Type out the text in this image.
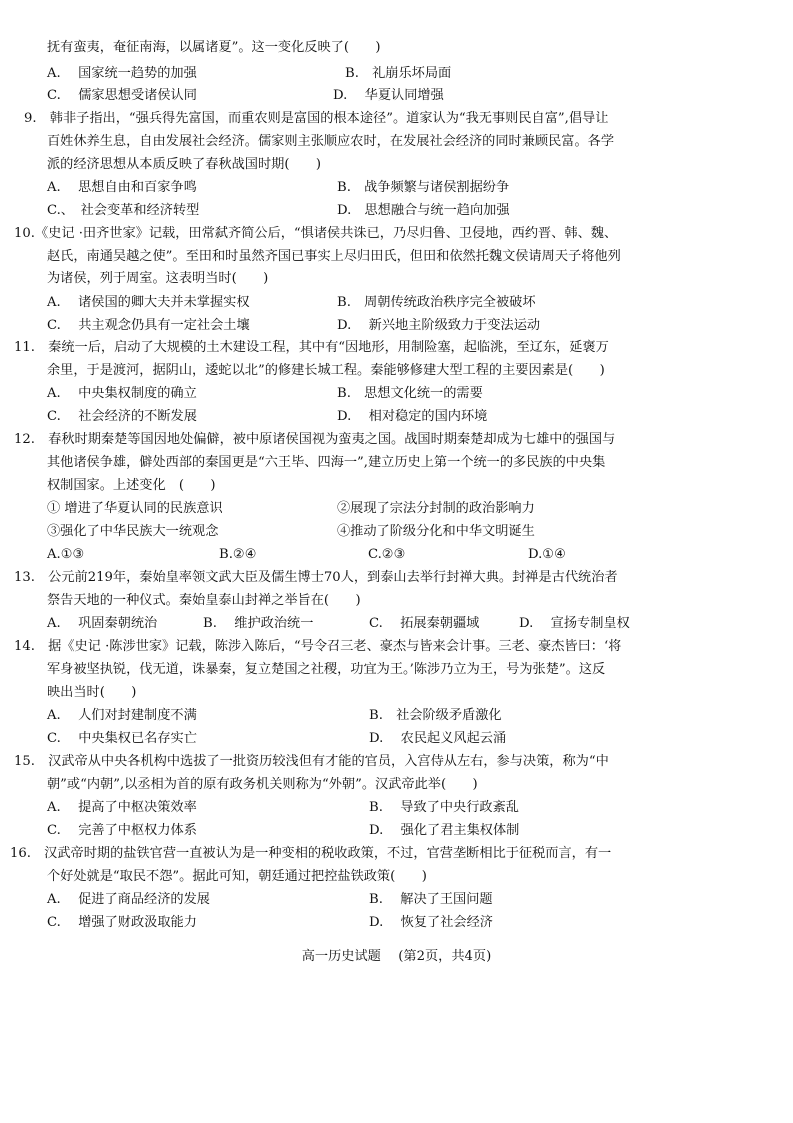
抚有蛮夷，奄征南海，以属诸夏”。这一变化反映了(　　)
A.　 国家统一趋势的加强	B.　礼崩乐坏局面
C.　 儒家思想受诸侯认同	D.　 华夏认同增强
9.　韩非子指出，“强兵得先富国，而重农则是富国的根本途径”。道家认为“我无事则民自富”,倡导让
百姓休养生息，自由发展社会经济。儒家则主张顺应农时，在发展社会经济的同时兼顾民富。各学
派的经济思想从本质反映了春秋战国时期(　　)
A.　 思想自由和百家争鸣	B.　战争频繁与诸侯割据纷争
C.、　社会变革和经济转型	D.　思想融合与统一趋向加强
10.《史记 ·田齐世家》记载，田常弑齐简公后，“惧诸侯共诛已，乃尽归鲁、卫侵地，西约晋、韩、魏、
赵氏，南通吴越之使”。至田和时虽然齐国已事实上尽归田氏，但田和依然托魏文侯请周天子将他列
为诸侯，列于周室。这表明当时(　　)
A.　 诸侯国的卿大夫并未掌握实权	B.　周朝传统政治秩序完全被破坏
C.　 共主观念仍具有一定社会土壤	D.　 新兴地主阶级致力于变法运动
11.　秦统一后，启动了大规模的土木建设工程，其中有“因地形，用制险塞，起临洮，至辽东，延褒万
余里，于是渡河，据阴山，逶蛇以北”的修建长城工程。秦能够修建大型工程的主要因素是(　　)
A.　 中央集权制度的确立	B.　思想文化统一的需要
C.　 社会经济的不断发展	D.　 相对稳定的国内环境
12.　春秋时期秦楚等国因地处偏僻，被中原诸侯国视为蛮夷之国。战国时期秦楚却成为七雄中的强国与
其他诸侯争雄，僻处西部的秦国更是“六王毕、四海一”,建立历史上第一个统一的多民族的中央集
权制国家。上述变化　(　　)
① 增进了华夏认同的民族意识	②展现了宗法分封制的政治影响力
③强化了中华民族大一统观念	④推动了阶级分化和中华文明诞生
A.①③	B.②④	C.②③	D.①④
13.　公元前219年，秦始皇率领文武大臣及儒生博士70人，到泰山去举行封禅大典。封禅是古代统治者
祭告天地的一种仪式。秦始皇泰山封禅之举旨在(　　)
A.　 巩固秦朝统治	B.　 维护政治统一	C.　 拓展秦朝疆域	D.　 宣扬专制皇权
14.　据《史记 ·陈涉世家》记载，陈涉入陈后，“号令召三老、豪杰与皆来会计事。三老、豪杰皆曰：‘将
军身被坚执锐，伐无道，诛暴秦，复立楚国之社稷，功宜为王。’陈涉乃立为王，号为张楚”。这反
映出当时(　　)
A.　 人们对封建制度不满	B.　社会阶级矛盾激化
C.　 中央集权已名存实亡	D.　 农民起义风起云涌
15.　汉武帝从中央各机构中选拔了一批资历较浅但有才能的官员，入宫侍从左右，参与决策，称为“中
朝”或“内朝”,以丞相为首的原有政务机关则称为“外朝”。汉武帝此举(　　)
A.　 提高了中枢决策效率	B.　 导致了中央行政紊乱
C.　 完善了中枢权力体系	D.　 强化了君主集权体制
16.　汉武帝时期的盐铁官营一直被认为是一种变相的税收政策，不过，官营垄断相比于征税而言，有一
个好处就是“取民不怨”。据此可知，朝廷通过把控盐铁政策(　　)
A.　 促进了商品经济的发展	B.　 解决了王国问题
C.　 增强了财政汲取能力	D.　 恢复了社会经济
高一历史试题　 (第2页，共4页)
